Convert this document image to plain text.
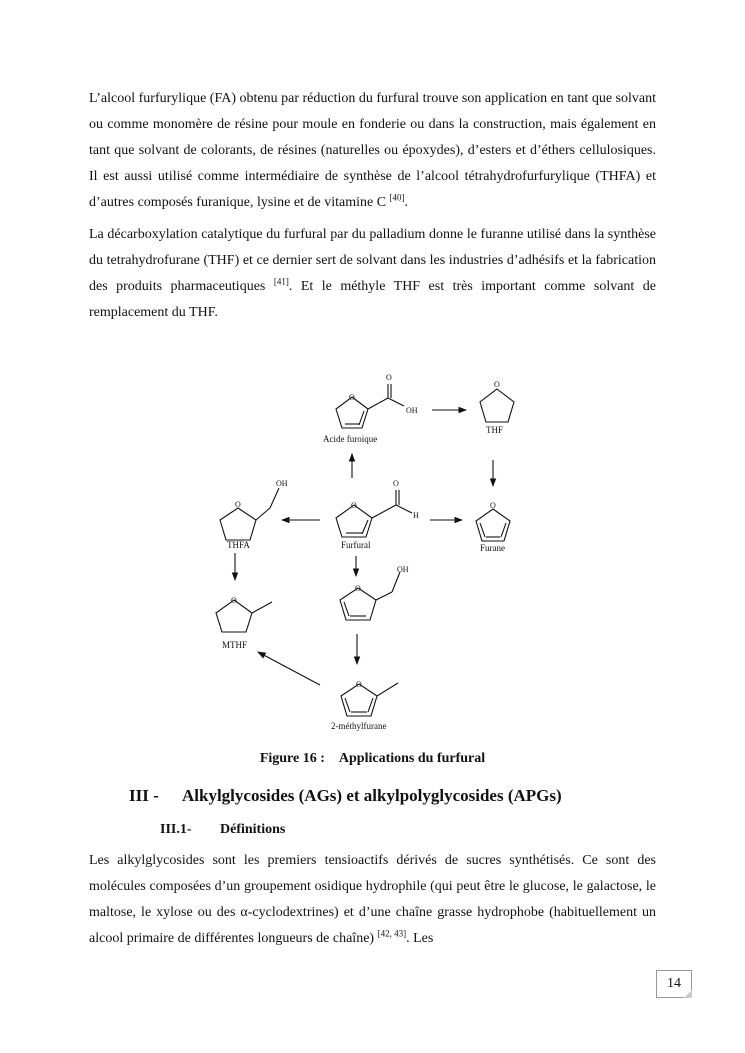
L’alcool furfurylique (FA) obtenu par réduction du furfural trouve son application en tant que solvant ou comme monomère de résine pour moule en fonderie ou dans la construction, mais également en tant que solvant de colorants, de résines (naturelles ou époxydes), d’esters et d’éthers cellulosiques. Il est aussi utilisé comme intermédiaire de synthèse de l’alcool tétrahydrofurfurylique (THFA) et d’autres composés furanique, lysine et de vitamine C [40].

La décarboxylation catalytique du furfural par du palladium donne le furanne utilisé dans la synthèse du tetrahydrofurane (THF) et ce dernier sert de solvant dans les industries d’adhésifs et la fabrication des produits pharmaceutiques [41]. Et le méthyle THF est très important comme solvant de remplacement du THF.

O
O
OH
O
OH
O	O
O
H
O
OH
O
O
O
Acide furoique
THF
THFA	Furfural	Furane
MTHF
2-méthylfurane
Figure 16 : Applications du furfural
III - Alkylglycosides (AGs) et alkylpolyglycosides (APGs)
III.1- Définitions

Les alkylglycosides sont les premiers tensioactifs dérivés de sucres synthétisés. Ce sont des molécules composées d’un groupement osidique hydrophile (qui peut être le glucose, le galactose, le maltose, le xylose ou des α-cyclodextrines) et d’une chaîne grasse hydrophobe (habituellement un alcool primaire de différentes longueurs de chaîne) [42, 43]. Les

14
